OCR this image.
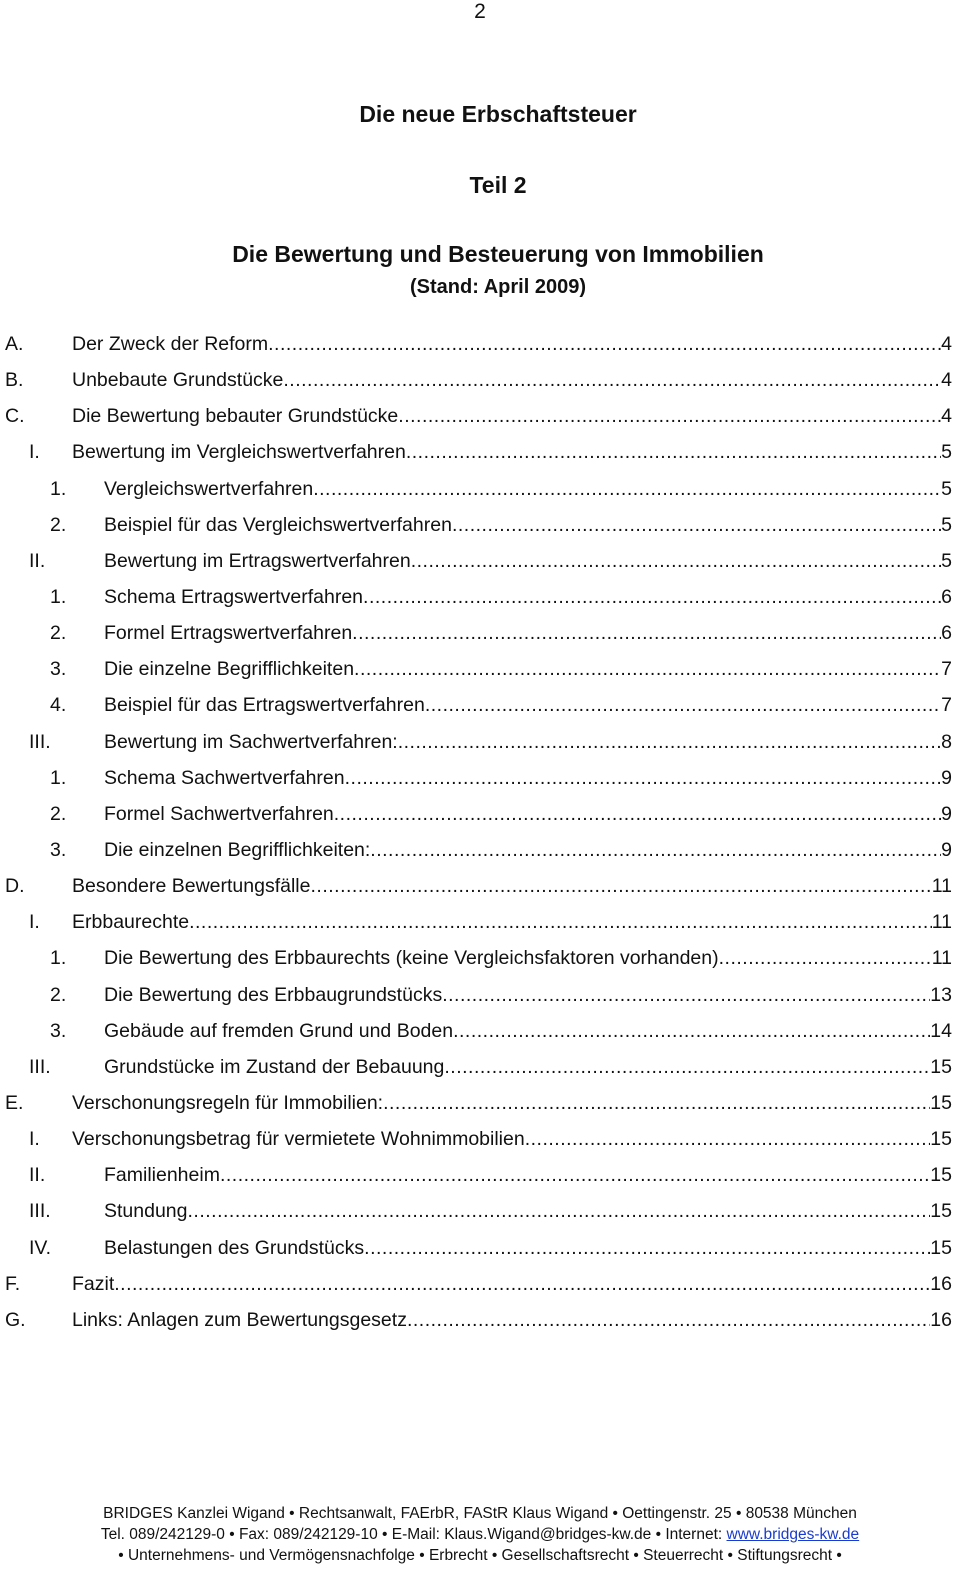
2
Die neue Erbschaftsteuer
Teil 2
Die Bewertung und Besteuerung von Immobilien
(Stand: April 2009)
A. Der Zweck der Reform .....	4
B. Unbebaute Grundstücke .....	4
C. Die Bewertung bebauter Grundstücke .....	4
I. Bewertung im Vergleichswertverfahren .....	5
1. Vergleichswertverfahren .....	5
2. Beispiel für das Vergleichswertverfahren .....	5
II.	Bewertung im Ertragswertverfahren .....	5
1. Schema Ertragswertverfahren .....	6
2. Formel Ertragswertverfahren .....	6
3. Die einzelne Begrifflichkeiten .....	7
4. Beispiel für das Ertragswertverfahren .....	7
III.	Bewertung im Sachwertverfahren: .....	8
1. Schema Sachwertverfahren .....	9
2. Formel Sachwertverfahren .....	9
3. Die einzelnen Begrifflichkeiten: .....	9
D. Besondere Bewertungsfälle .....	11
I. Erbbaurechte .....	11
1. Die Bewertung des Erbbaurechts (keine Vergleichsfaktoren vorhanden) .....	11
2. Die Bewertung des Erbbaugrundstücks .....	13
3. Gebäude auf fremden Grund und Boden .....	14
III.	Grundstücke im Zustand der Bebauung .....	15
E. Verschonungsregeln für Immobilien: .....	15
I. Verschonungsbetrag für vermietete Wohnimmobilien .....	15
II.	Familienheim .....	15
III.	Stundung .....	15
IV.	Belastungen des Grundstücks .....	15
F.	Fazit .....	16
G. Links: Anlagen zum Bewertungsgesetz .....	16
BRIDGES Kanzlei Wigand • Rechtsanwalt, FAErbR, FAStR Klaus Wigand • Oettingenstr. 25 • 80538 München
Tel. 089/242129-0 • Fax: 089/242129-10 • E-Mail: Klaus.Wigand@bridges-kw.de • Internet: www.bridges-kw.de
• Unternehmens- und Vermögensnachfolge • Erbrecht • Gesellschaftsrecht • Steuerrecht • Stiftungsrecht •
